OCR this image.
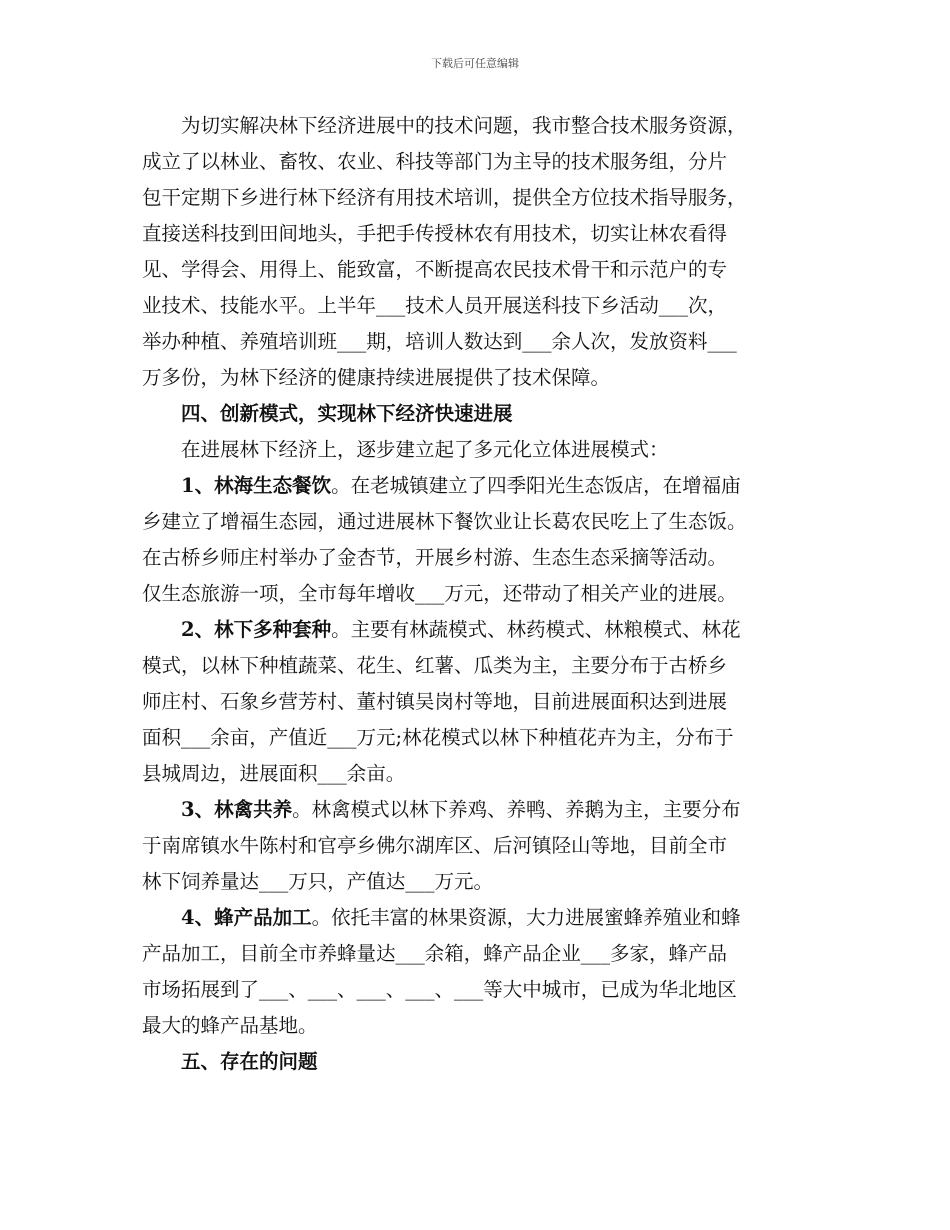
下载后可任意编辑
为切实解决林下经济进展中的技术问题，我市整合技术服务资源，
成立了以林业、畜牧、农业、科技等部门为主导的技术服务组，分片
包干定期下乡进行林下经济有用技术培训，提供全方位技术指导服务，
直接送科技到田间地头，手把手传授林农有用技术，切实让林农看得
见、学得会、用得上、能致富，不断提高农民技术骨干和示范户的专
业技术、技能水平。上半年___技术人员开展送科技下乡活动___次，
举办种植、养殖培训班___期，培训人数达到___余人次，发放资料___
万多份，为林下经济的健康持续进展提供了技术保障。
四、创新模式，实现林下经济快速进展
在进展林下经济上，逐步建立起了多元化立体进展模式：
1、林海生态餐饮。在老城镇建立了四季阳光生态饭店，在增福庙
乡建立了增福生态园，通过进展林下餐饮业让长葛农民吃上了生态饭。
在古桥乡师庄村举办了金杏节，开展乡村游、生态生态采摘等活动。
仅生态旅游一项，全市每年增收___万元，还带动了相关产业的进展。
2、林下多种套种。主要有林蔬模式、林药模式、林粮模式、林花
模式，以林下种植蔬菜、花生、红薯、瓜类为主，主要分布于古桥乡
师庄村、石象乡营芳村、董村镇吴岗村等地，目前进展面积达到进展
面积___余亩，产值近___万元;林花模式以林下种植花卉为主，分布于
县城周边，进展面积___余亩。
3、林禽共养。林禽模式以林下养鸡、养鸭、养鹅为主，主要分布
于南席镇水牛陈村和官亭乡佛尔湖库区、后河镇陉山等地，目前全市
林下饲养量达___万只，产值达___万元。
4、蜂产品加工。依托丰富的林果资源，大力进展蜜蜂养殖业和蜂
产品加工，目前全市养蜂量达___余箱，蜂产品企业___多家，蜂产品
市场拓展到了___、___、___、___、___等大中城市，已成为华北地区
最大的蜂产品基地。
五、存在的问题
